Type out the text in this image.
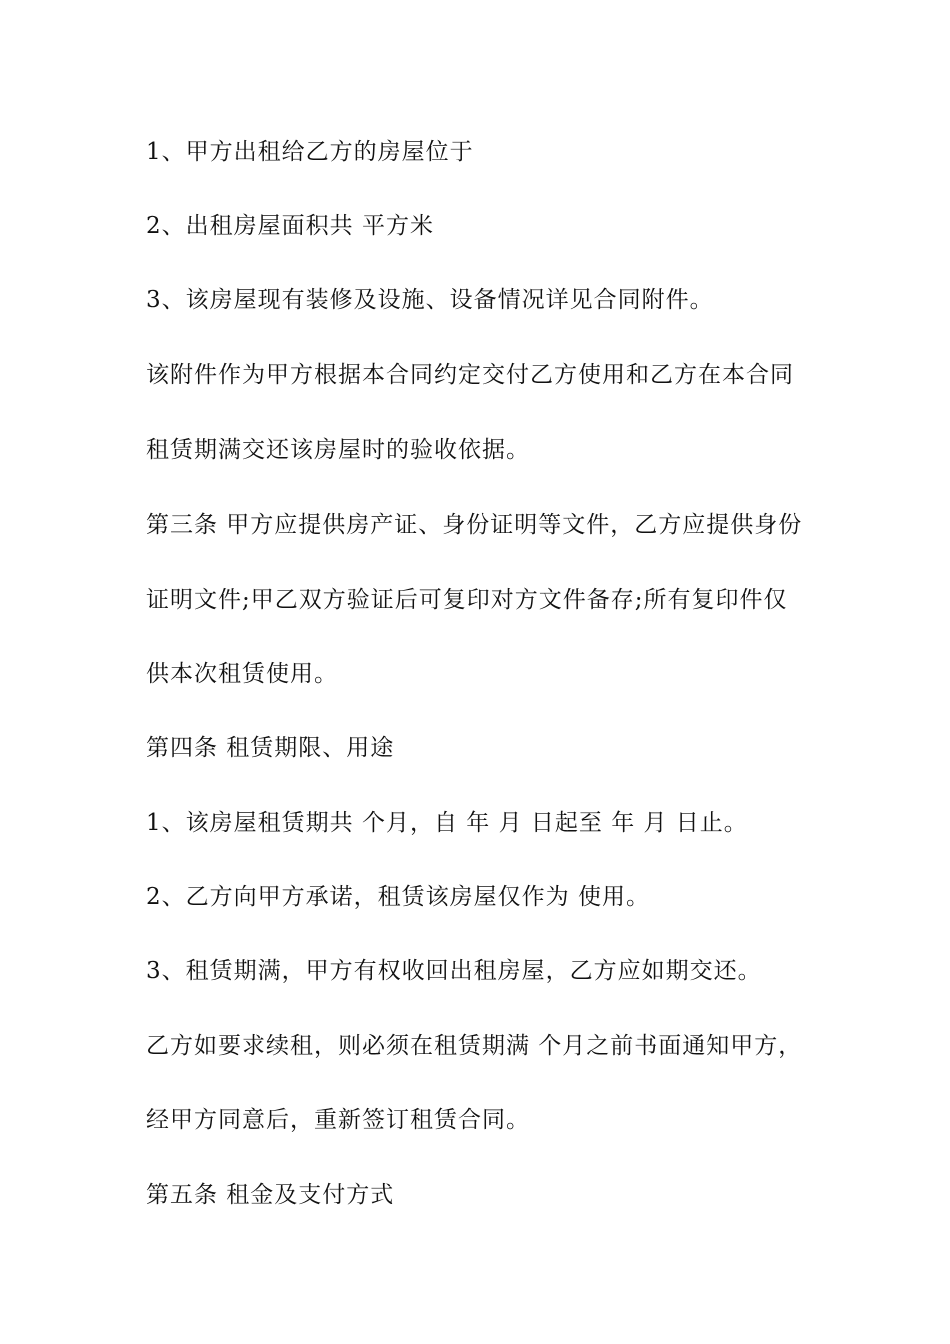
1、甲方出租给乙方的房屋位于
2、出租房屋面积共 平方米
3、该房屋现有装修及设施、设备情况详见合同附件。
该附件作为甲方根据本合同约定交付乙方使用和乙方在本合同
租赁期满交还该房屋时的验收依据。
第三条 甲方应提供房产证、身份证明等文件，乙方应提供身份
证明文件;甲乙双方验证后可复印对方文件备存;所有复印件仅
供本次租赁使用。
第四条 租赁期限、用途
1、该房屋租赁期共 个月，自 年 月 日起至 年 月 日止。
2、乙方向甲方承诺，租赁该房屋仅作为 使用。
3、租赁期满，甲方有权收回出租房屋，乙方应如期交还。
乙方如要求续租，则必须在租赁期满 个月之前书面通知甲方，
经甲方同意后，重新签订租赁合同。
第五条 租金及支付方式
